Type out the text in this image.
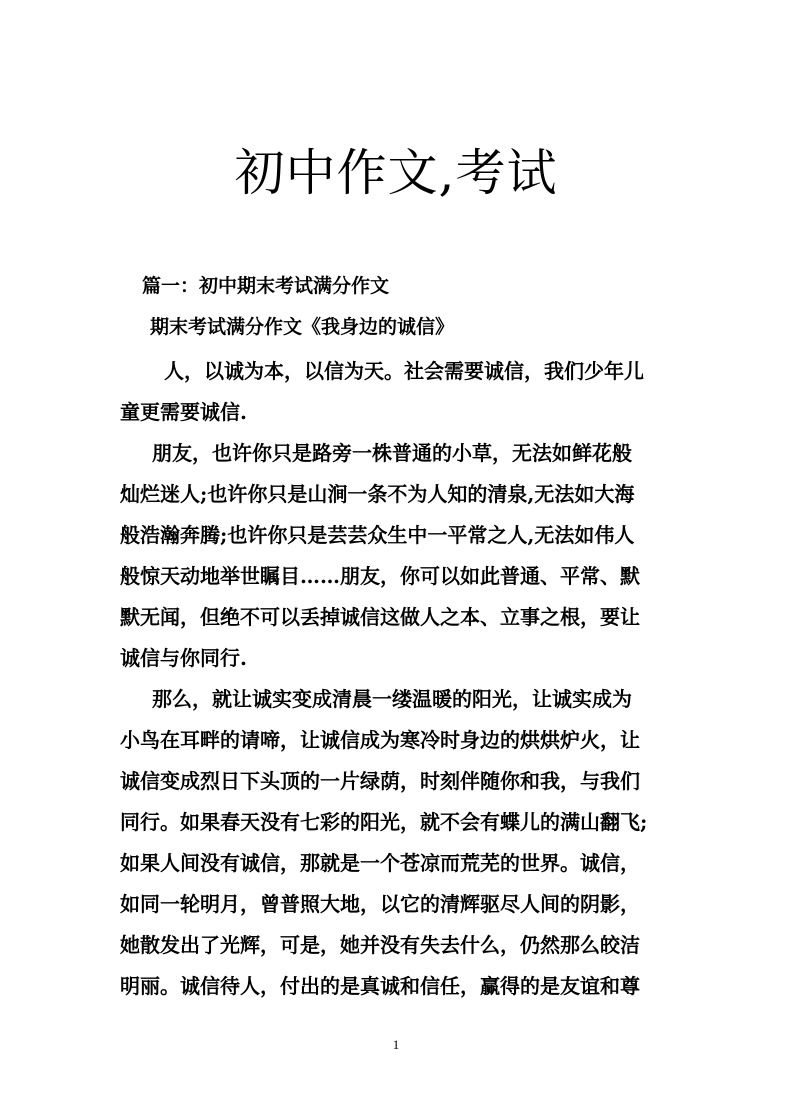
初中作文,考试
篇一：初中期末考试满分作文
期末考试满分作文《我身边的诚信》
人，以诚为本，以信为天。社会需要诚信，我们少年儿
童更需要诚信.
朋友，也许你只是路旁一株普通的小草，无法如鲜花般
灿烂迷人;也许你只是山涧一条不为人知的清泉,无法如大海
般浩瀚奔腾;也许你只是芸芸众生中一平常之人,无法如伟人
般惊天动地举世瞩目……朋友，你可以如此普通、平常、默
默无闻，但绝不可以丢掉诚信这做人之本、立事之根，要让
诚信与你同行.
那么，就让诚实变成清晨一缕温暖的阳光，让诚实成为
小鸟在耳畔的请啼，让诚信成为寒冷时身边的烘烘炉火，让
诚信变成烈日下头顶的一片绿荫，时刻伴随你和我，与我们
同行。如果春天没有七彩的阳光，就不会有蝶儿的满山翻飞;
如果人间没有诚信，那就是一个苍凉而荒芜的世界。诚信，
如同一轮明月，曾普照大地，以它的清辉驱尽人间的阴影，
她散发出了光辉，可是，她并没有失去什么，仍然那么皎洁
明丽。诚信待人，付出的是真诚和信任，赢得的是友谊和尊
1
